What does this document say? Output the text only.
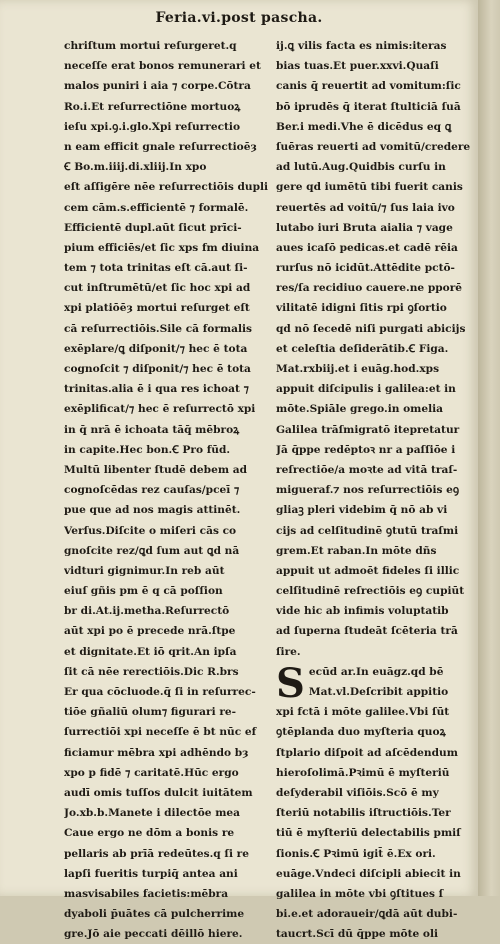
Feria.vi.post pascha.
chriſtum mortui reſurgeret.q
neceſſe erat bonos remunerari et
malos puniri i aia ⁊ corpe.Cōtra
Ro.i.Et reſurrectiōne mortuoꝝ
ieſu xpi.ꝯ.i.glo.Xpi reſurrectio
n eam efficit gnale reſurrectioēȝ
Ꞓ Bo.m.iiij.di.xliij.In xpo
eſt aſſigēre nēe reſurrectiōis dupli
cem cām.s.efficientē ⁊ formalē.
Efficientē dupl.aūt ſicut prīci-
pium efficiēs/et ſic xps fm diuina
tem ⁊ tota trinitas eſt cā.aut ſi-
cut inſtrumētū/et ſic hoc xpi ad
xpi platiōēȝ mortui reſurget eſt
cā reſurrectiōis.Sile cā formalis
exēplare/ꝗ diſponit/⁊ hec ē tota
cognoſcit ⁊ diſponit/⁊ hec ē tota
trinitas.alia ē i qua res ichoat ⁊
exēplificat/⁊ hec ē reſurrectō xpi
in q̄ nrā ē ichoata tāq̄ mēbroꝝ
in capite.Hec bon.Ꞓ Pro fūd.
Multū libenter ſtudē debem ad
cognoſcēdas rez cauſas/pceī ⁊
pue que ad nos magis attinēt.
Verſus.Diſcite o miſeri cās co
gnoſcite rez/ꝗd ſum aut ꝗd nā
vidturi gignimur.In reb aūt
eiuſ gñis pm ē q cā poſſion
br di.At.ij.metha.Reſurrectō
aūt xpi po ē precede nrā.ſtpe
et dignitate.Et iō qrit.An ipſa
ſit cā nēe rerectiōis.Dic R.brs
Er qua cōcluode.q̄ ſi in reſurrec-
tiōe gñaliū olum⁊ figurari re-
ſurrectiōi xpi neceſſe ē bt nūc ef
ficiamur mēbra xpi adhēndo bȝ
xpo p fidē ⁊ caritatē.Hūc ergo
audī omis tuſſos dulcit iuitātem
Jo.xb.b.Manete i dilectōe mea
Caue ergo ne dōm a bonis re
pellaris ab prīā redeūtes.q ſi re
lapſi fueritis turpiq̄ antea ani
masvisabiles facietis:mēbra
dyaboli p̄uātes cā pulcherrime
gre.Jō aie peccati dēillō hiere.
ij.ꝗ vilis facta es nimis:iteras
bias tuas.Et puer.xxvi.Quaſi
canis q̄ reuertit ad vomitum:ſic
bō iprudēs q̄ iterat ſtulticiā ſuā
Ber.i medi.Vhe ē dicēdus eq ꝗ
ſuēras reuerti ad vomitū/credere
ad lutū.Aug.Quidbis curſu in
gere qd iumētū tibi fuerit canis
reuertēs ad voitū/⁊ ſus laia ivo
lutabo iuri Bruta aialia ⁊ vage
aues icaſō pedicas.et cadē rēia
rurſus nō icidūt.Attēdite pctō-
res/ſa recidiuo cauere.ne pporē
vilitatē idigni ſitis rpi ꝯſortio
qd nō ſecedē niſi purgati abicijs
et celeſtia deſiderātib.Ꞓ Figa.
Mat.rxbiij.et i euāg.hod.xps
appuit diſcipulis i galilea:et in
mōte.Spiāle grego.in omelia
Galilea trāſmigratō itepretatur
Jā q̄ppe redēptoꝛ nr a paſſiōe i
reſrectiōe/a moꝛte ad vitā traſ-
migueraf.⁊ nos reſurrectiōis eꝯ
gliaꝫ pleri videbim q̄ nō ab vi
cijs ad celſitudinē ꝯtutū traſmi
grem.Et raban.In mōte dñs
appuit ut admoēt fideles ſi illic
celſitudinē reſrectiōis eꝯ cupiūt
vide hic ab infimis voluptatib
ad ſuperna ſtudeāt ſcēteria trā
ſire.
S ecūd ar.In euāgz.qd bē
Mat.vl.Deſcribit appitio
xpi fctā i mōte galilee.Vbi ſūt
ꝯtēplanda duo myſteria quoꝝ
ſtplario diſpoit ad aſcēdendum
hieroſolimā.Pꝛimū ē myſteriū
deſyderabil viſiōis.Scō ē my
ſteriū notabilis iſtructiōis.Ter
tiū ē myſteriū delectabilis pmiſ
ſionis.Ꞓ Pꝛimū igit̄ ē.Ex ori.
euāge.Vndeci diſcipli abiecit in
galilea in mōte vbi ꝯſtitues ſ
bi.e.et adoraueir/ꝗdā aūt dubi-
taucrt.Scī dū q̄ppe mōte oli
